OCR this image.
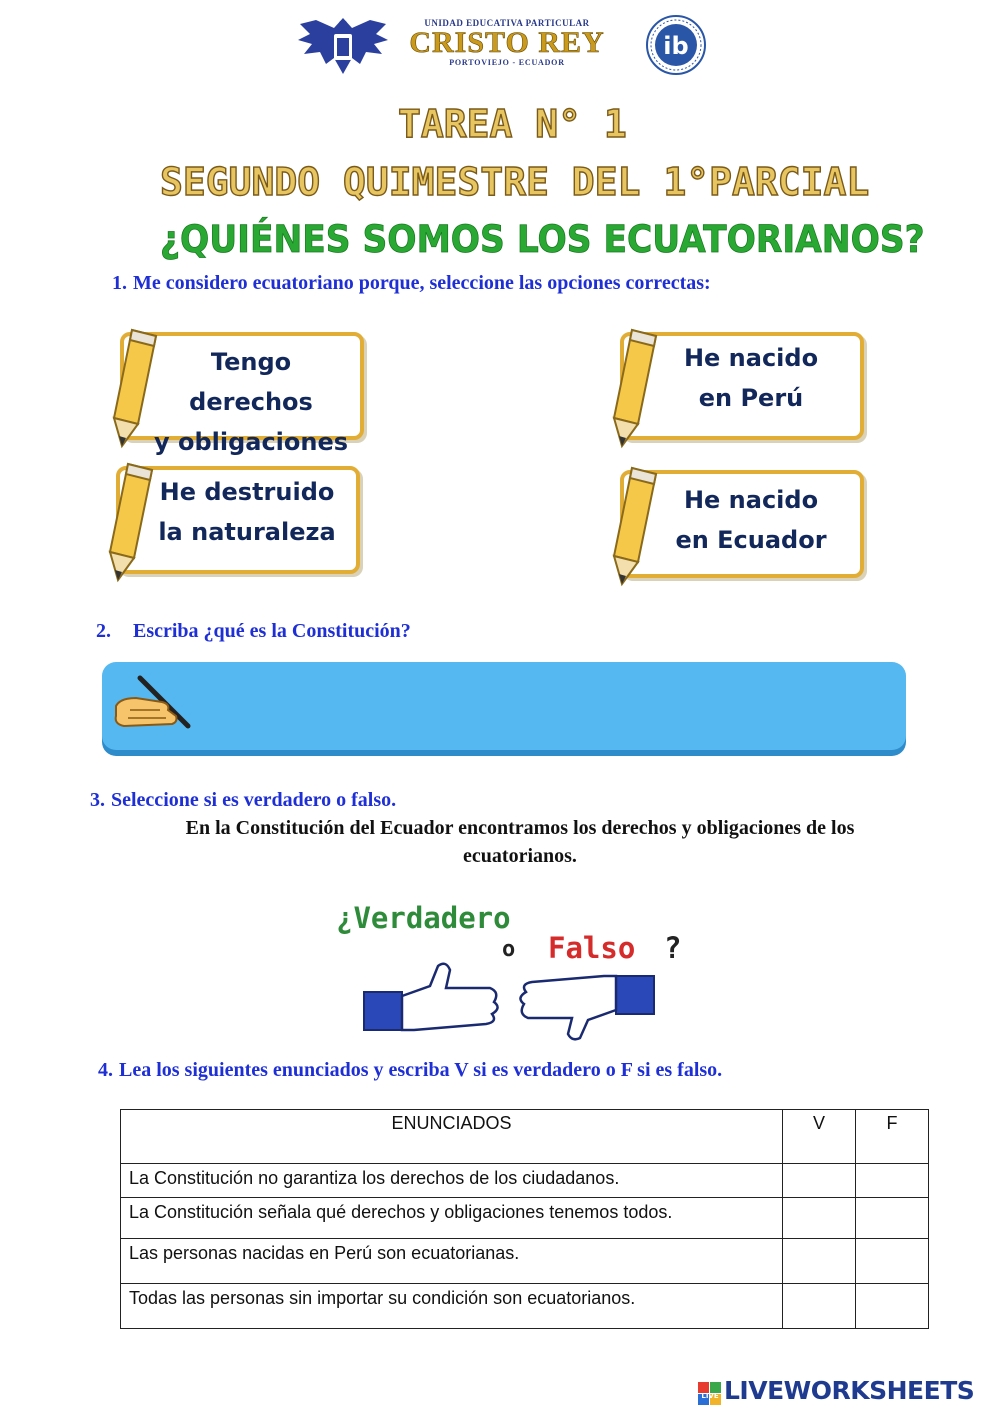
UNIDAD EDUCATIVA PARTICULAR
CRISTO REY
PORTOVIEJO - ECUADOR
ib
TAREA N° 1
SEGUNDO QUIMESTRE DEL 1°PARCIAL
¿QUIÉNES SOMOS LOS ECUATORIANOS?
1. Me considero ecuatoriano porque, seleccione las opciones correctas:
Tengo derechos
y obligaciones
He nacido
en Perú
He destruido
la naturaleza
He nacido
en Ecuador
2. Escriba ¿qué es la Constitución?
3. Seleccione si es verdadero o falso.
En la Constitución del Ecuador encontramos los derechos y obligaciones de los
ecuatorianos.
¿Verdadero
o Falso ?
4. Lea los siguientes enunciados y escriba V si es verdadero o F si es falso.
ENUNCIADOS	V	F
La Constitución no garantiza los derechos de los ciudadanos.		
La Constitución señala qué derechos y obligaciones tenemos todos.		
Las personas nacidas en Perú son ecuatorianas.		
Todas las personas sin importar su condición son ecuatorianos.		
LIVE LIVEWORKSHEETS
